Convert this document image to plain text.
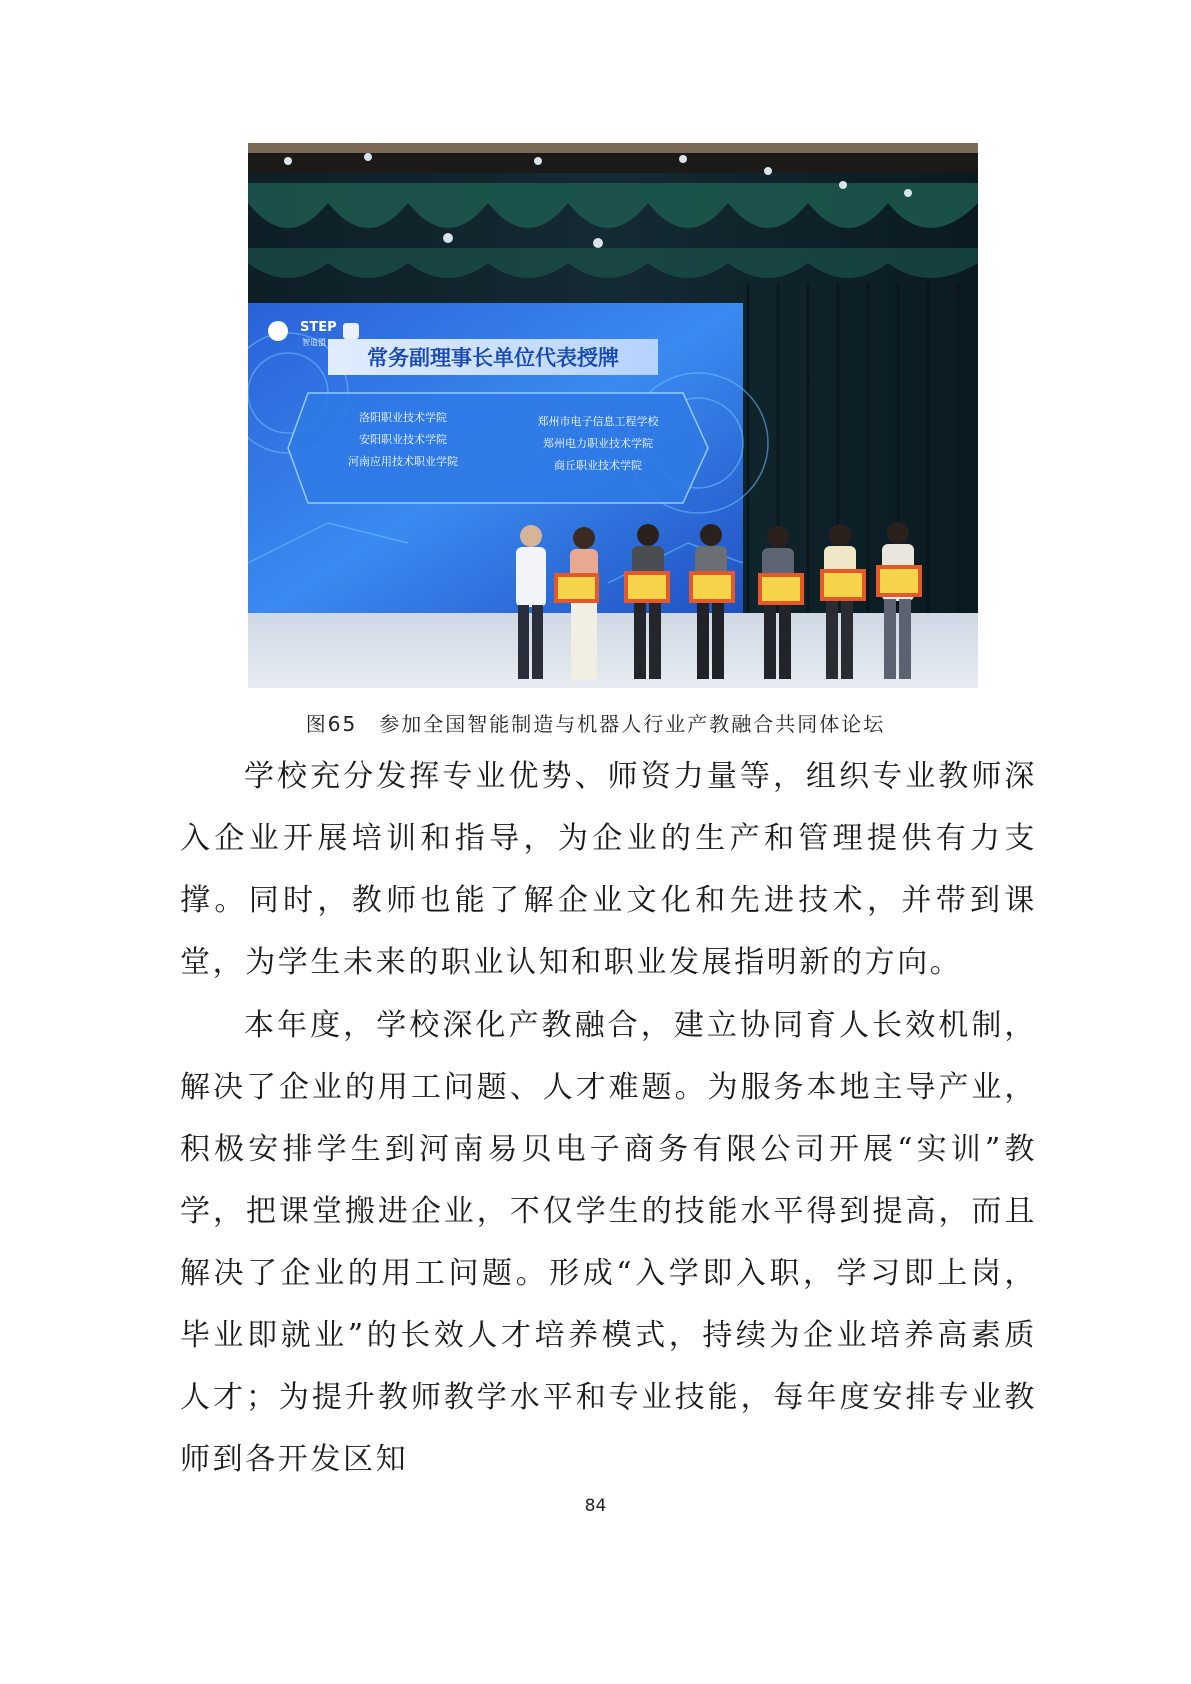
STEP
智造盟
常务副理事长单位代表授牌
洛阳职业技术学院
安阳职业技术学院
河南应用技术职业学院
郑州市电子信息工程学校
郑州电力职业技术学院
商丘职业技术学院
图65 参加全国智能制造与机器人行业产教融合共同体论坛

学校充分发挥专业优势、师资力量等，组织专业教师深入企业开展培训和指导，为企业的生产和管理提供有力支撑。同时，教师也能了解企业文化和先进技术，并带到课堂，为学生未来的职业认知和职业发展指明新的方向。

本年度，学校深化产教融合，建立协同育人长效机制，解决了企业的用工问题、人才难题。为服务本地主导产业，积极安排学生到河南易贝电子商务有限公司开展“实训”教学，把课堂搬进企业，不仅学生的技能水平得到提高，而且解决了企业的用工问题。形成“入学即入职，学习即上岗，毕业即就业”的长效人才培养模式，持续为企业培养高素质人才；为提升教师教学水平和专业技能，每年度安排专业教师到各开发区知

84
